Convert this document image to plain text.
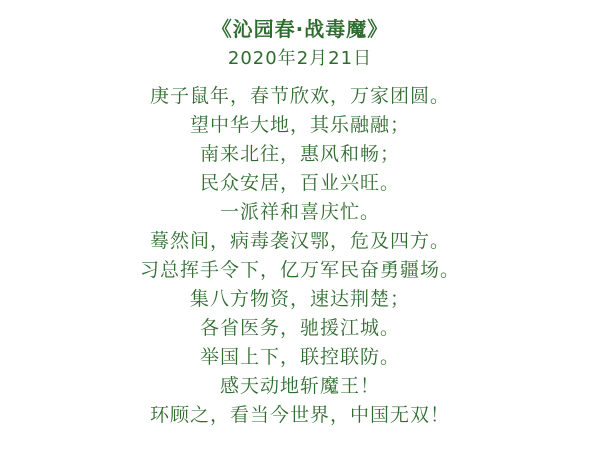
《沁园春·战毒魔》
2020年2月21日
庚子鼠年，春节欣欢，万家团圆。
望中华大地，其乐融融；
南来北往，惠风和畅；
民众安居，百业兴旺。
一派祥和喜庆忙。
蓦然间，病毒袭汉鄂，危及四方。
习总挥手令下，亿万军民奋勇疆场。
集八方物资，速达荆楚；
各省医务，驰援江城。
举国上下，联控联防。
感天动地斩魔王！
环顾之，看当今世界，中国无双！
